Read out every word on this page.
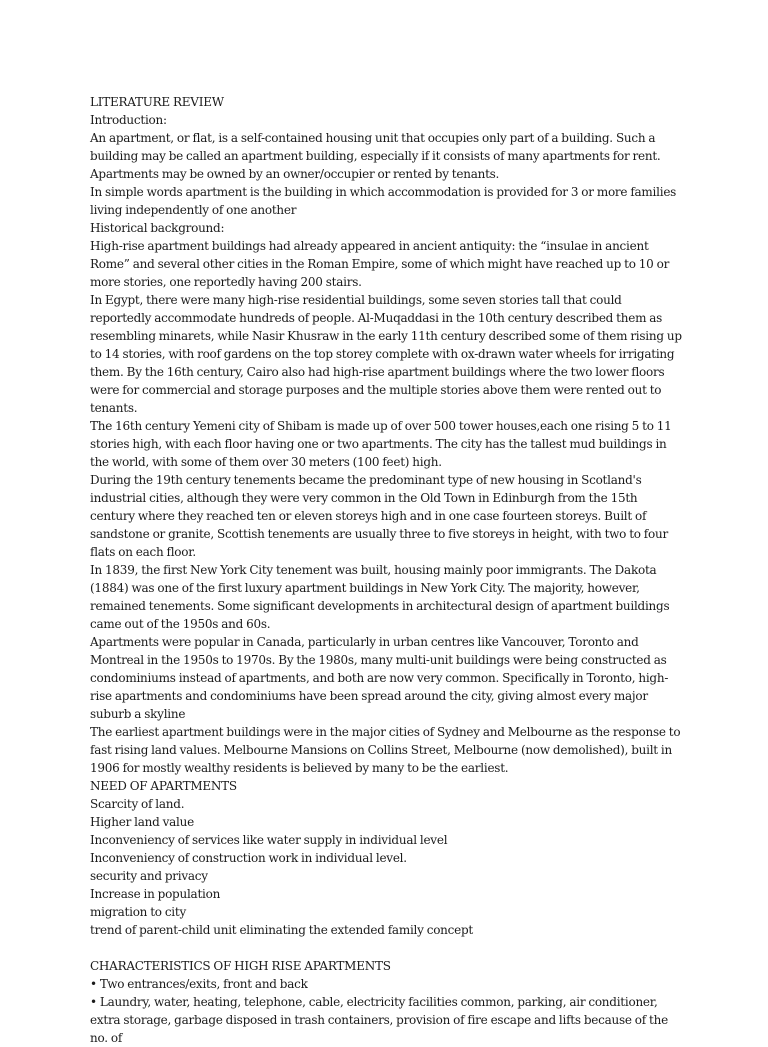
LITERATURE REVIEW

Introduction:

An apartment, or flat, is a self-contained housing unit that occupies only part of a building. Such a building may be called an apartment building, especially if it consists of many apartments for rent. Apartments may be owned by an owner/occupier or rented by tenants.

In simple words apartment is the building in which accommodation is provided for 3 or more families living independently of one another

Historical background:

High-rise apartment buildings had already appeared in ancient antiquity: the “insulae in ancient Rome” and several other cities in the Roman Empire, some of which might have reached up to 10 or more stories, one reportedly having 200 stairs.

In Egypt, there were many high-rise residential buildings, some seven stories tall that could reportedly accommodate hundreds of people. Al-Muqaddasi in the 10th century described them as resembling minarets, while Nasir Khusraw in the early 11th century described some of them rising up to 14 stories, with roof gardens on the top storey complete with ox-drawn water wheels for irrigating them. By the 16th century, Cairo also had high-rise apartment buildings where the two lower floors were for commercial and storage purposes and the multiple stories above them were rented out to tenants.

The 16th century Yemeni city of Shibam is made up of over 500 tower houses,each one rising 5 to 11 stories high, with each floor having one or two apartments. The city has the tallest mud buildings in the world, with some of them over 30 meters (100 feet) high.

During the 19th century tenements became the predominant type of new housing in Scotland's industrial cities, although they were very common in the Old Town in Edinburgh from the 15th century where they reached ten or eleven storeys high and in one case fourteen storeys. Built of sandstone or granite, Scottish tenements are usually three to five storeys in height, with two to four flats on each floor.

In 1839, the first New York City tenement was built, housing mainly poor immigrants. The Dakota (1884) was one of the first luxury apartment buildings in New York City. The majority, however, remained tenements. Some significant developments in architectural design of apartment buildings came out of the 1950s and 60s.

Apartments were popular in Canada, particularly in urban centres like Vancouver, Toronto and Montreal in the 1950s to 1970s. By the 1980s, many multi-unit buildings were being constructed as condominiums instead of apartments, and both are now very common. Specifically in Toronto, high-rise apartments and condominiums have been spread around the city, giving almost every major suburb a skyline

The earliest apartment buildings were in the major cities of Sydney and Melbourne as the response to fast rising land values. Melbourne Mansions on Collins Street, Melbourne (now demolished), built in 1906 for mostly wealthy residents is believed by many to be the earliest.

NEED OF APARTMENTS

Scarcity of land.

Higher land value

Inconveniency of services like water supply in individual level

Inconveniency of construction work in individual level.

security and privacy

Increase in population

migration to city

trend of parent-child unit eliminating the extended family concept

CHARACTERISTICS OF HIGH RISE APARTMENTS

• Two entrances/exits, front and back

• Laundry, water, heating, telephone, cable, electricity facilities common, parking, air conditioner, extra storage, garbage disposed in trash containers, provision of fire escape and lifts because of the no. of
